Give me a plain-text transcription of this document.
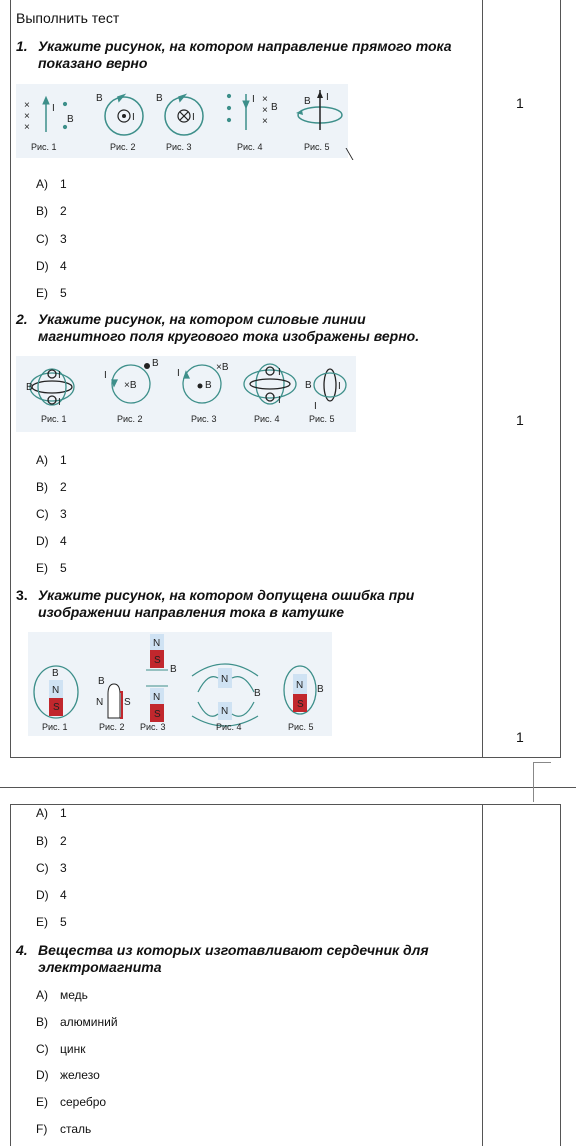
Выполнить тест
1. Укажите рисунок, на котором направление прямого тока показано верно
×
×
×
I
B	I
B
I
B	I ×
×
×
B
B I
Рис. 1	Рис. 2	Рис. 3	Рис. 4	Рис. 5
A) 1
B) 2
C) 3
D) 4
E) 5
1
2. Укажите рисунок, на котором силовые линии магнитного поля кругового тока изображены верно.
I
I
B
I
×B
B
I
B
×B	I
I
B	I
I
Рис. 1	Рис. 2	Рис. 3	Рис. 4	Рис. 5
A) 1
B) 2
C) 3
D) 4
E) 5
1
3. Укажите рисунок, на котором допущена ошибка при изображении направления тока в катушке
N
S
B
N S
B
N
S
N
S
B
N
N
B
N
S
B
Рис. 1	Рис. 2 Рис. 3	Рис. 4	Рис. 5
1
A) 1
B) 2
C) 3
D) 4
E) 5
4. Вещества из которых изготавливают сердечник для электромагнита
A) медь
B) алюминий
C) цинк
D) железо
E) серебро
F) сталь
